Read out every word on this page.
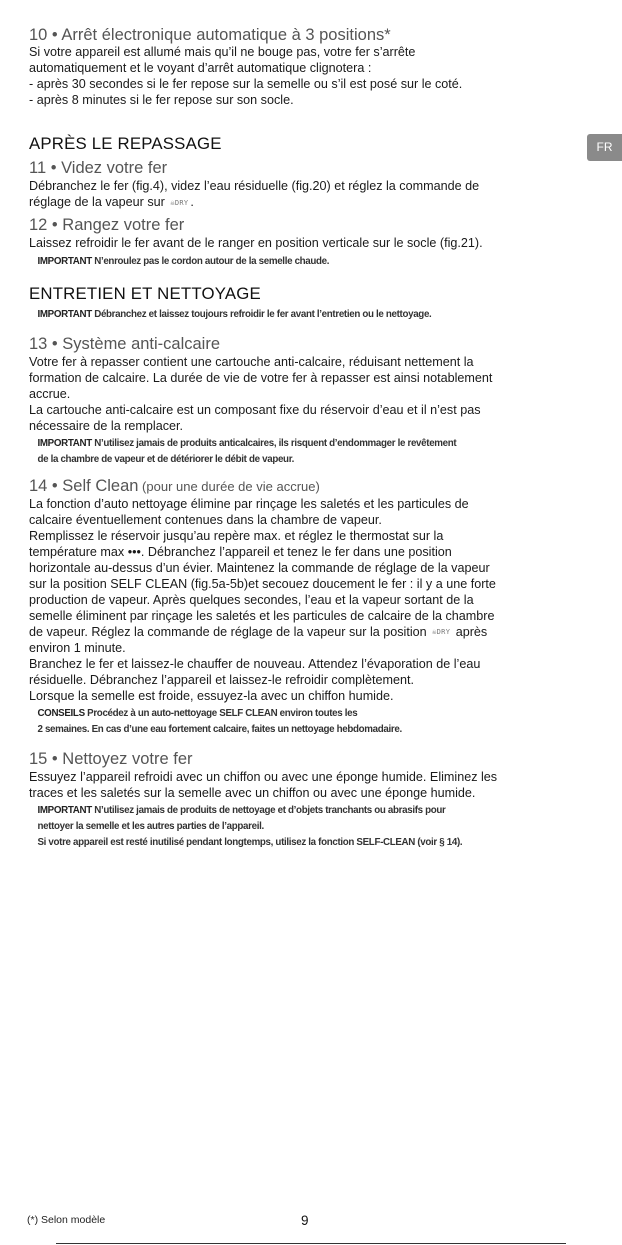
FR
10 • Arrêt électronique automatique à 3 positions*
Si votre appareil est allumé mais qu’il ne bouge pas, votre fer s’arrête
automatiquement et le voyant d’arrêt automatique clignotera :
- après 30 secondes si le fer repose sur la semelle ou s’il est posé sur le coté.
- après 8 minutes si le fer repose sur son socle.
APRÈS LE REPASSAGE
11 • Videz votre fer
Débranchez le fer (fig.4), videz l’eau résiduelle (fig.20) et réglez la commande de
réglage de la vapeur sur ☠DRY .
12 • Rangez votre fer
Laissez refroidir le fer avant de le ranger en position verticale sur le socle (fig.21).
IMPORTANT N’enroulez pas le cordon autour de la semelle chaude.
ENTRETIEN ET NETTOYAGE
IMPORTANT Débranchez et laissez toujours refroidir le fer avant l’entretien ou le nettoyage.
13 • Système anti-calcaire
Votre fer à repasser contient une cartouche anti-calcaire, réduisant nettement la
formation de calcaire. La durée de vie de votre fer à repasser est ainsi notablement
accrue.
La cartouche anti-calcaire est un composant fixe du réservoir d’eau et il n’est pas
nécessaire de la remplacer.
IMPORTANT N’utilisez jamais de produits anticalcaires, ils risquent d’endommager le revêtement
de la chambre de vapeur et de détériorer le débit de vapeur.
14 • Self Clean (pour une durée de vie accrue)
La fonction d’auto nettoyage élimine par rinçage les saletés et les particules de
calcaire éventuellement contenues dans la chambre de vapeur.
Remplissez le réservoir jusqu’au repère max. et réglez le thermostat sur la
température max •••. Débranchez l’appareil et tenez le fer dans une position
horizontale au-dessus d’un évier. Maintenez la commande de réglage de la vapeur
sur la position SELF CLEAN (fig.5a-5b)et secouez doucement le fer : il y a une forte
production de vapeur. Après quelques secondes, l’eau et la vapeur sortant de la
semelle éliminent par rinçage les saletés et les particules de calcaire de la chambre
de vapeur. Réglez la commande de réglage de la vapeur sur la position ☠DRY après
environ 1 minute.
Branchez le fer et laissez-le chauffer de nouveau. Attendez l’évaporation de l’eau
résiduelle. Débranchez l’appareil et laissez-le refroidir complètement.
Lorsque la semelle est froide, essuyez-la avec un chiffon humide.
CONSEILS Procédez à un auto-nettoyage SELF CLEAN environ toutes les
2 semaines. En cas d’une eau fortement calcaire, faites un nettoyage hebdomadaire.
15 • Nettoyez votre fer
Essuyez l’appareil refroidi avec un chiffon ou avec une éponge humide. Eliminez les
traces et les saletés sur la semelle avec un chiffon ou avec une éponge humide.
IMPORTANT N’utilisez jamais de produits de nettoyage et d’objets tranchants ou abrasifs pour
nettoyer la semelle et les autres parties de l’appareil.
Si votre appareil est resté inutilisé pendant longtemps, utilisez la fonction SELF-CLEAN (voir § 14).
(*) Selon modèle	9
